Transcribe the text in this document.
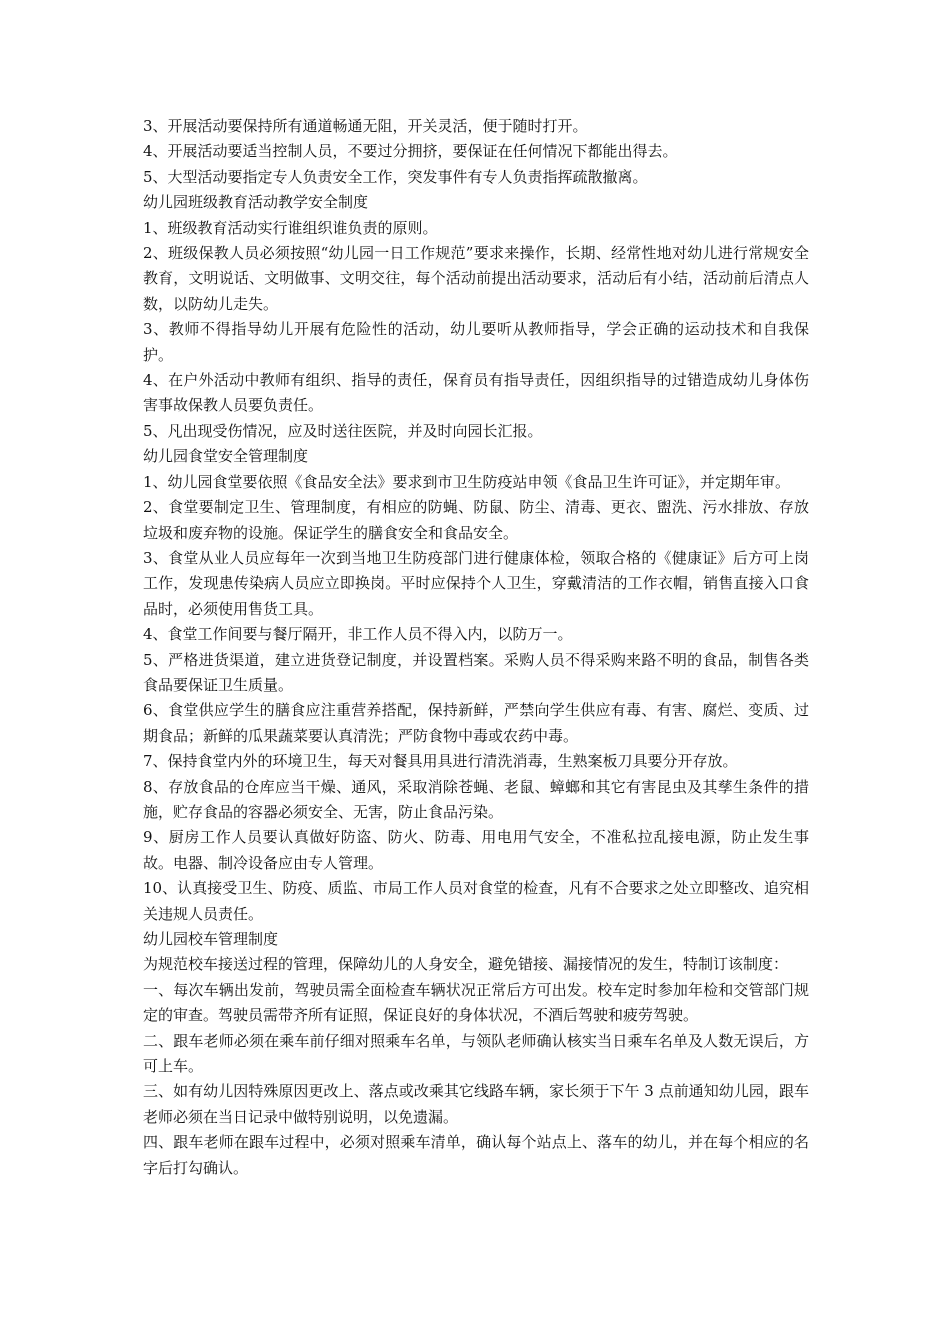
3、开展活动要保持所有通道畅通无阻，开关灵活，便于随时打开。

4、开展活动要适当控制人员，不要过分拥挤，要保证在任何情况下都能出得去。

5、大型活动要指定专人负责安全工作，突发事件有专人负责指挥疏散撤离。

幼儿园班级教育活动教学安全制度

1、班级教育活动实行谁组织谁负责的原则。

2、班级保教人员必须按照“幼儿园一日工作规范”要求来操作，长期、经常性地对幼儿进行常规安全教育，文明说话、文明做事、文明交往，每个活动前提出活动要求，活动后有小结，活动前后清点人数，以防幼儿走失。

3、教师不得指导幼儿开展有危险性的活动，幼儿要听从教师指导，学会正确的运动技术和自我保护。

4、在户外活动中教师有组织、指导的责任，保育员有指导责任，因组织指导的过错造成幼儿身体伤害事故保教人员要负责任。

5、凡出现受伤情况，应及时送往医院，并及时向园长汇报。

幼儿园食堂安全管理制度

1、幼儿园食堂要依照《食品安全法》要求到市卫生防疫站申领《食品卫生许可证》，并定期年审。

2、食堂要制定卫生、管理制度，有相应的防蝇、防鼠、防尘、清毒、更衣、盥洗、污水排放、存放垃圾和废弃物的设施。保证学生的膳食安全和食品安全。

3、食堂从业人员应每年一次到当地卫生防疫部门进行健康体检，领取合格的《健康证》后方可上岗工作，发现患传染病人员应立即换岗。平时应保持个人卫生，穿戴清洁的工作衣帽，销售直接入口食品时，必须使用售货工具。

4、食堂工作间要与餐厅隔开，非工作人员不得入内，以防万一。

5、严格进货渠道，建立进货登记制度，并设置档案。采购人员不得采购来路不明的食品，制售各类食品要保证卫生质量。

6、食堂供应学生的膳食应注重营养搭配，保持新鲜，严禁向学生供应有毒、有害、腐烂、变质、过期食品；新鲜的瓜果蔬菜要认真清洗；严防食物中毒或农药中毒。

7、保持食堂内外的环境卫生，每天对餐具用具进行清洗消毒，生熟案板刀具要分开存放。

8、存放食品的仓库应当干燥、通风，采取消除苍蝇、老鼠、蟑螂和其它有害昆虫及其孳生条件的措施，贮存食品的容器必须安全、无害，防止食品污染。

9、厨房工作人员要认真做好防盗、防火、防毒、用电用气安全，不准私拉乱接电源，防止发生事故。电器、制冷设备应由专人管理。

10、认真接受卫生、防疫、质监、市局工作人员对食堂的检查，凡有不合要求之处立即整改、追究相关违规人员责任。

幼儿园校车管理制度

为规范校车接送过程的管理，保障幼儿的人身安全，避免错接、漏接情况的发生，特制订该制度：

一、每次车辆出发前，驾驶员需全面检查车辆状况正常后方可出发。校车定时参加年检和交管部门规定的审查。驾驶员需带齐所有证照，保证良好的身体状况，不酒后驾驶和疲劳驾驶。

二、跟车老师必须在乘车前仔细对照乘车名单，与领队老师确认核实当日乘车名单及人数无误后，方可上车。

三、如有幼儿因特殊原因更改上、落点或改乘其它线路车辆，家长须于下午 3 点前通知幼儿园，跟车老师必须在当日记录中做特别说明，以免遗漏。

四、跟车老师在跟车过程中，必须对照乘车清单，确认每个站点上、落车的幼儿，并在每个相应的名字后打勾确认。
